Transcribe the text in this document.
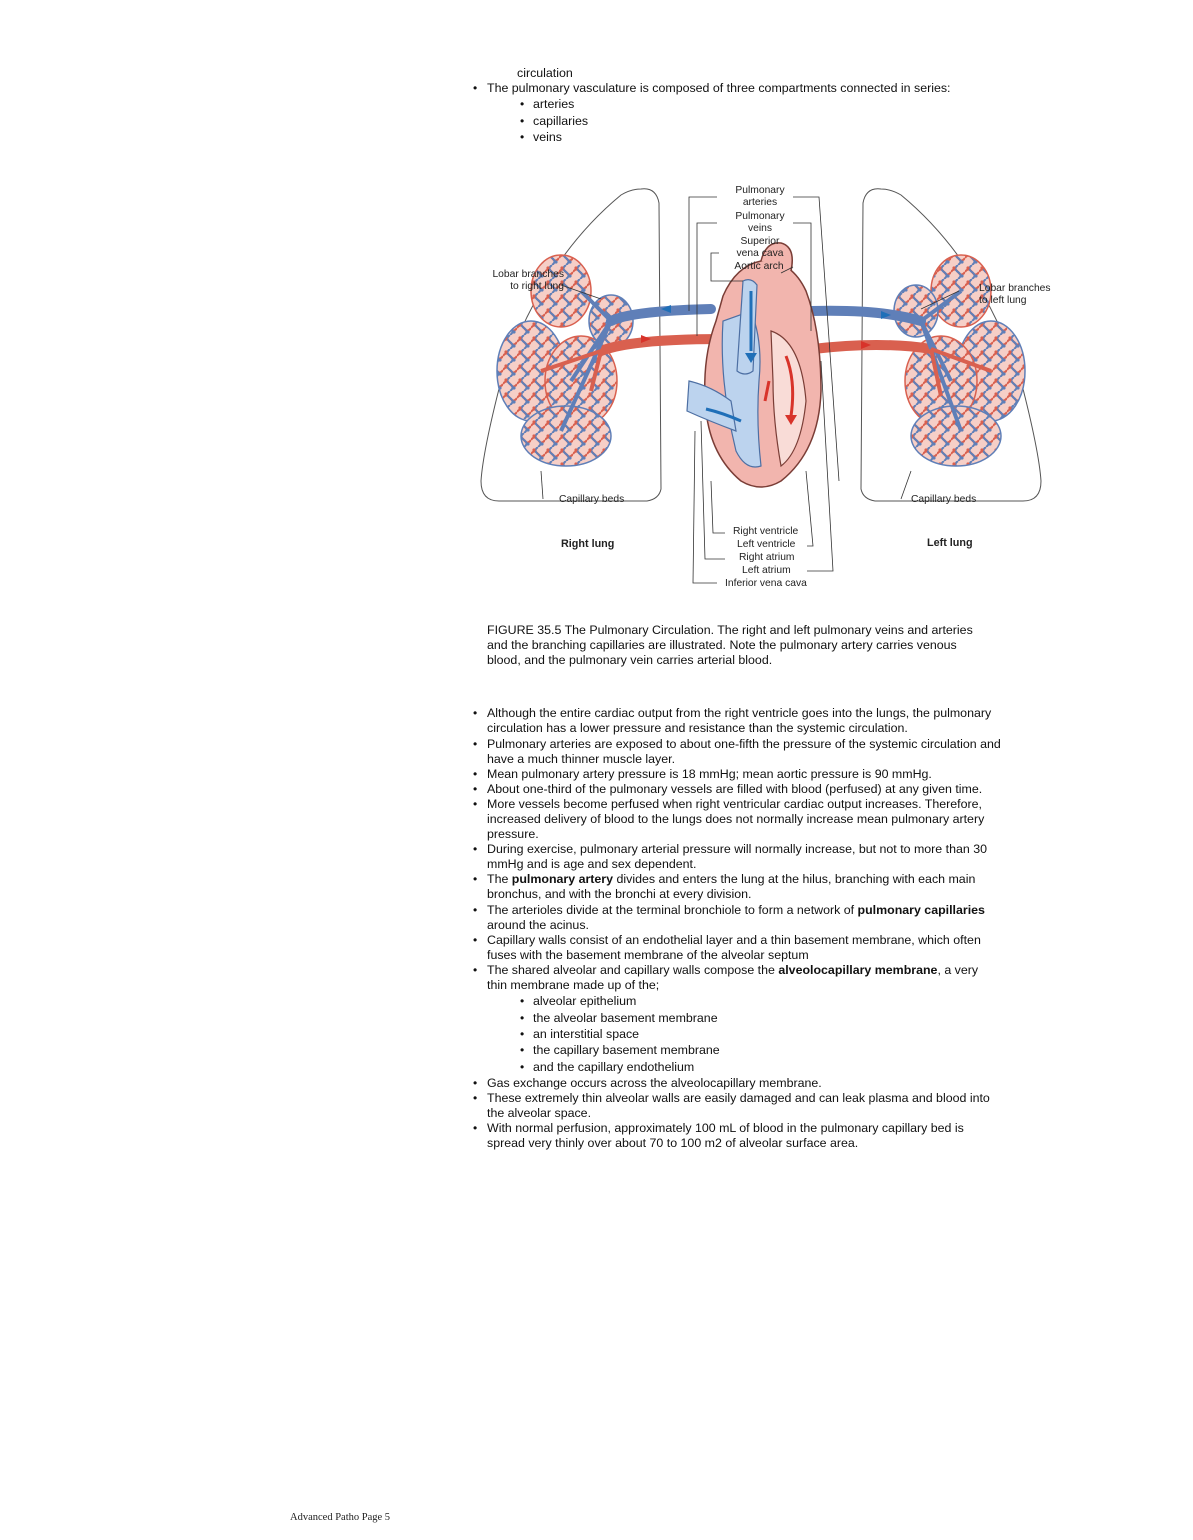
circulation
• The pulmonary vasculature is composed of three compartments connected in series:
• arteries
• capillaries
• veins
Pulmonary
arteries
Pulmonary
veins
Superior
vena cava
Aortic arch
Lobar branches
to right lung	Lobar branches
to left lung
Capillary beds	Capillary beds
Right lung	Left lung
Right ventricle
Left ventricle
Right atrium
Left atrium
Inferior vena cava
FIGURE 35.5 The Pulmonary Circulation. The right and left pulmonary veins and arteries and the branching capillaries are illustrated. Note the pulmonary artery carries venous blood, and the pulmonary vein carries arterial blood.
• Although the entire cardiac output from the right ventricle goes into the lungs, the pulmonary circulation has a lower pressure and resistance than the systemic circulation.
• Pulmonary arteries are exposed to about one-fifth the pressure of the systemic circulation and have a much thinner muscle layer.
• Mean pulmonary artery pressure is 18 mmHg; mean aortic pressure is 90 mmHg.
• About one-third of the pulmonary vessels are filled with blood (perfused) at any given time.
• More vessels become perfused when right ventricular cardiac output increases. Therefore, increased delivery of blood to the lungs does not normally increase mean pulmonary artery pressure.
• During exercise, pulmonary arterial pressure will normally increase, but not to more than 30 mmHg and is age and sex dependent.
• The pulmonary artery divides and enters the lung at the hilus, branching with each main bronchus, and with the bronchi at every division.
• The arterioles divide at the terminal bronchiole to form a network of pulmonary capillaries around the acinus.
• Capillary walls consist of an endothelial layer and a thin basement membrane, which often fuses with the basement membrane of the alveolar septum
• The shared alveolar and capillary walls compose the alveolocapillary membrane, a very thin membrane made up of the;
• alveolar epithelium
• the alveolar basement membrane
• an interstitial space
• the capillary basement membrane
• and the capillary endothelium
• Gas exchange occurs across the alveolocapillary membrane.
• These extremely thin alveolar walls are easily damaged and can leak plasma and blood into the alveolar space.
• With normal perfusion, approximately 100 mL of blood in the pulmonary capillary bed is spread very thinly over about 70 to 100 m2 of alveolar surface area.
Advanced Patho Page 5
